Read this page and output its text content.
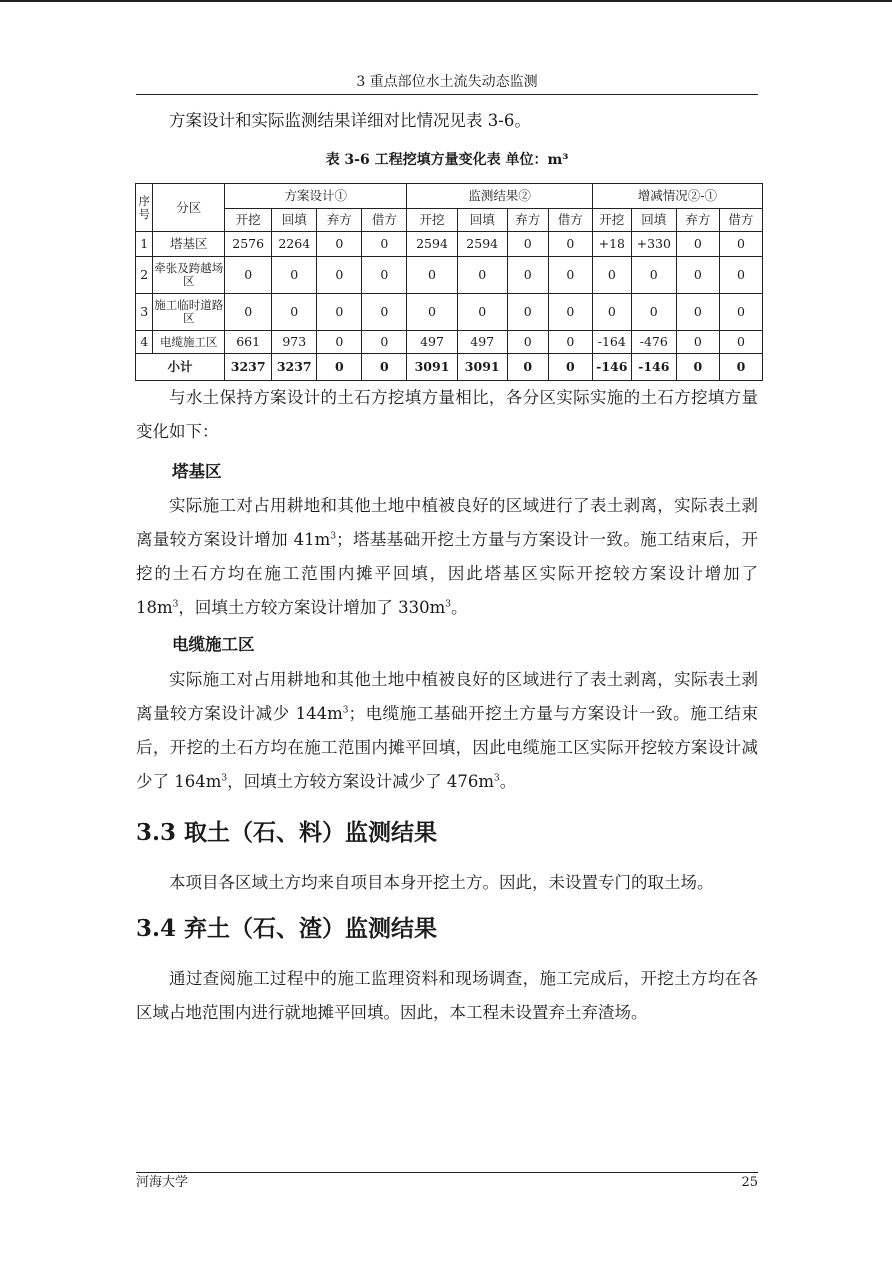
3 重点部位水土流失动态监测

方案设计和实际监测结果详细对比情况见表 3-6。

表 3-6 工程挖填方量变化表 单位：m³
序号	分区	方案设计①				监测结果②				增减情况②-①			
		开挖	回填	弃方	借方	开挖	回填	弃方	借方	开挖	回填	弃方	借方
1	塔基区	2576	2264	0	0	2594	2594	0	0	+18	+330	0	0
2	牵张及跨越场区	0	0	0	0	0	0	0	0	0	0	0	0
3	施工临时道路区	0	0	0	0	0	0	0	0	0	0	0	0
4	电缆施工区	661	973	0	0	497	497	0	0	-164	-476	0	0
小计		3237	3237	0	0	3091	3091	0	0	-146	-146	0	0

与水土保持方案设计的土石方挖填方量相比，各分区实际实施的土石方挖填方量变化如下：

塔基区

实际施工对占用耕地和其他土地中植被良好的区域进行了表土剥离，实际表土剥离量较方案设计增加 $41m^3$；塔基基础开挖土方量与方案设计一致。施工结束后，开挖的土石方均在施工范围内摊平回填，因此塔基区实际开挖较方案设计增加了 $18m^3$，回填土方较方案设计增加了 $330m^3$。

电缆施工区

实际施工对占用耕地和其他土地中植被良好的区域进行了表土剥离，实际表土剥离量较方案设计减少 $144m^3$；电缆施工基础开挖土方量与方案设计一致。施工结束后，开挖的土石方均在施工范围内摊平回填，因此电缆施工区实际开挖较方案设计减少了 $164m^3$，回填土方较方案设计减少了 $476m^3$。

3.3 取土（石、料）监测结果

本项目各区域土方均来自项目本身开挖土方。因此，未设置专门的取土场。

3.4 弃土（石、渣）监测结果

通过查阅施工过程中的施工监理资料和现场调查，施工完成后，开挖土方均在各区域占地范围内进行就地摊平回填。因此，本工程未设置弃土弃渣场。

河海大学	25
